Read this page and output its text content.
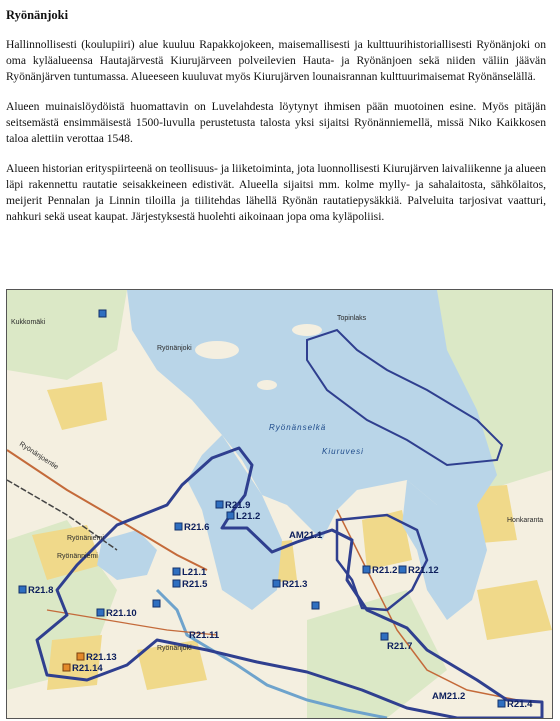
Ryönänjoki

Hallinnollisesti (koulupiiri) alue kuuluu Rapakkojokeen, maisemallisesti ja kulttuurihistoriallisesti Ryönänjoki on oma kyläalueensa Hautajärvestä Kiurujärveen polveilevien Hauta- ja Ryönänjoen sekä niiden väliin jäävän Ryönänjärven tuntumassa. Alueeseen kuuluvat myös Kiurujärven lounaisrannan kulttuurimaisemat Ryönänselällä.

Alueen muinaislöydöistä huomattavin on Luvelahdesta löytynyt ihmisen pään muotoinen esine. Myös pitäjän seitsemästä ensimmäisestä 1500-luvulla perustetusta talosta yksi sijaitsi Ryönänniemellä, missä Niko Kaikkosen taloa alettiin verottaa 1548.

Alueen historian erityspiirteenä on teollisuus- ja liiketoiminta, jota luonnollisesti Kiurujärven laivaliikenne ja alueen läpi rakennettu rautatie seisakkeineen edistivät. Alueella sijaitsi mm. kolme mylly- ja sahalaitosta, sähkölaitos, meijerit Pennalan ja Linnin tiloilla ja tiilitehdas lähellä Ryönän rautatiepysäkkiä. Palveluita tarjosivat vaatturi, nahkuri sekä useat kaupat. Järjestyksestä huolehti aikoinaan jopa oma kyläpoliisi.

Ryönänselkä
Kiuruvesi
Kukkomäki
Ryönänjoki
Ryönänjoentie
Honkaranta
Topinlaks
Ryönänniemi
Ryönänjoki
Ryönäniemi
R21.9
L21.2
R21.6
AM21.1
L21.1
R21.5	R21.3
R21.2 R21.12
R21.8
R21.10
R21.11
R21.7
R21.13
R21.14
AM21.2
R21.4
